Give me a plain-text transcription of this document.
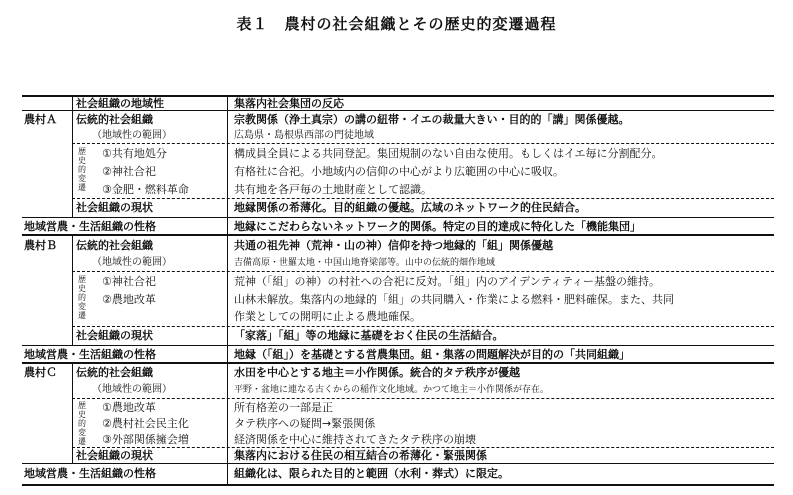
表１　農村の社会組織とその歴史的変遷過程
社会組織の地域性	集落内社会集団の反応
農村Ａ 伝統的社会組織	宗教関係（浄土真宗）の講の紐帯・イエの裁量大きい・目的的「講」関係優越。
（地域性の範囲）	広島県・島根県西部の門徒地域
歴史的変遷
①共有地処分	構成員全員による共同登記。集団規制のない自由な使用。もしくはイエ毎に分割配分。
②神社合祀	有格社に合祀。小地域内の信仰の中心がより広範囲の中心に吸収。
③金肥・燃料革命	共有地を各戸毎の土地財産として認識。
社会組織の現状	地縁関係の希薄化。目的組織の優越。広域のネットワーク的住民結合。
地域営農・生活組織の性格	地縁にこだわらないネットワーク的関係。特定の目的達成に特化した「機能集団」
農村Ｂ 伝統的社会組織	共通の祖先神（荒神・山の神）信仰を持つ地縁的「組」関係優越
（地域性の範囲）	吉備高原・世羅太地・中国山地脊梁部等。山中の伝統的畑作地域
歴史的変遷
①神社合祀	荒神（「組」の神）の村社への合祀に反対。「組」内のアイデンティティー基盤の維持。
②農地改革	山林未解放。集落内の地縁的「組」の共同購入・作業による燃料・肥料確保。また、共同
作業としての開明に止よる農地確保。
社会組織の現状	「家落」「組」等の地縁に基礎をおく住民の生活結合。
地域営農・生活組織の性格	地縁（「組」）を基礎とする営農集団。組・集落の問題解決が目的の「共同組織」
農村Ｃ 伝統的社会組織	水田を中心とする地主＝小作関係。統合的タテ秩序が優越
（地域性の範囲）	平野・盆地に連なる古くからの稲作文化地域。かつて地主＝小作関係が存在。
歴史的変遷
①農地改革	所有格差の一部是正
②農村社会民主化	タテ秩序への疑問→緊張関係
③外部関係擁会増	経済関係を中心に維持されてきたタテ秩序の崩壊
社会組織の現状	集落内における住民の相互結合の希薄化・緊張関係
地域営農・生活組織の性格	組織化は、限られた目的と範囲（水利・葬式）に限定。
